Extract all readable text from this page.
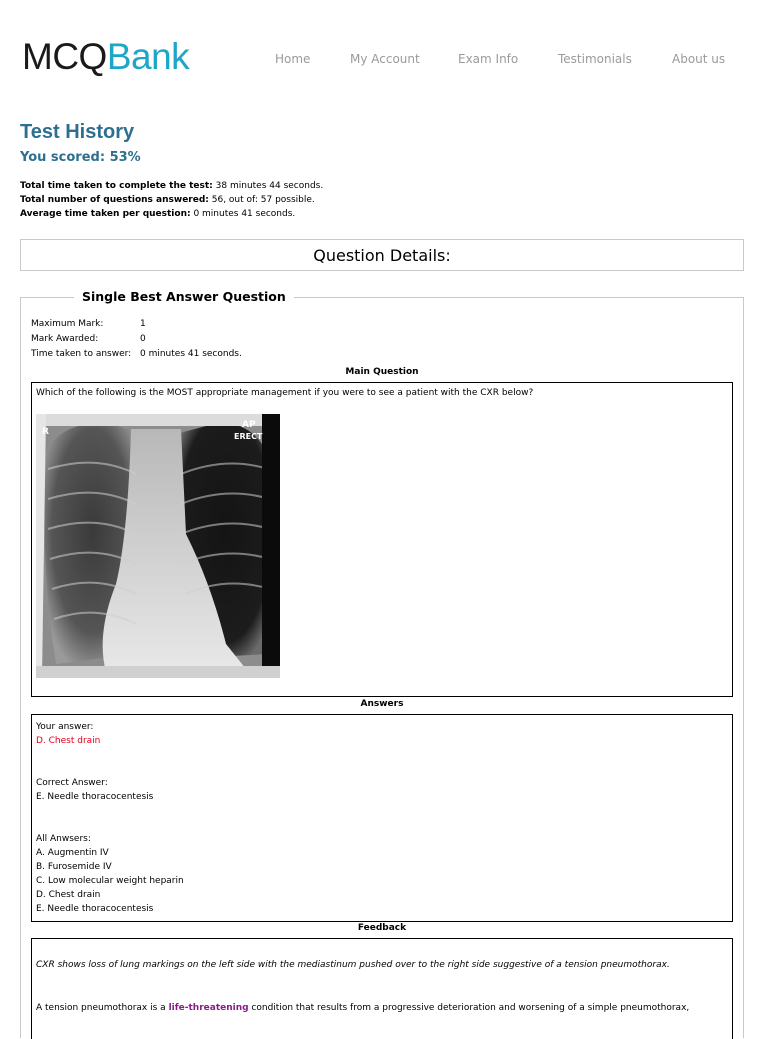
MCQBank	Home	My Account	Exam Info	Testimonials	About us
Test History
You scored: 53%
Total time taken to complete the test: 38 minutes 44 seconds.
Total number of questions answered: 56, out of: 57 possible.
Average time taken per question: 0 minutes 41 seconds.
Question Details:
Single Best Answer Question
Maximum Mark:	1
Mark Awarded:	0
Time taken to answer: 0 minutes 41 seconds.
Main Question
Which of the following is the MOST appropriate management if you were to see a patient with the CXR below?
R
AP
ERECT
Answers
Your answer:
D. Chest drain
Correct Answer:
E. Needle thoracocentesis
All Anwsers:
A. Augmentin IV
B. Furosemide IV
C. Low molecular weight heparin
D. Chest drain
E. Needle thoracocentesis
Feedback
CXR shows loss of lung markings on the left side with the mediastinum pushed over to the right side suggestive of a tension pneumothorax.
A tension pneumothorax is a life-threatening condition that results from a progressive deterioration and worsening of a simple pneumothorax,
